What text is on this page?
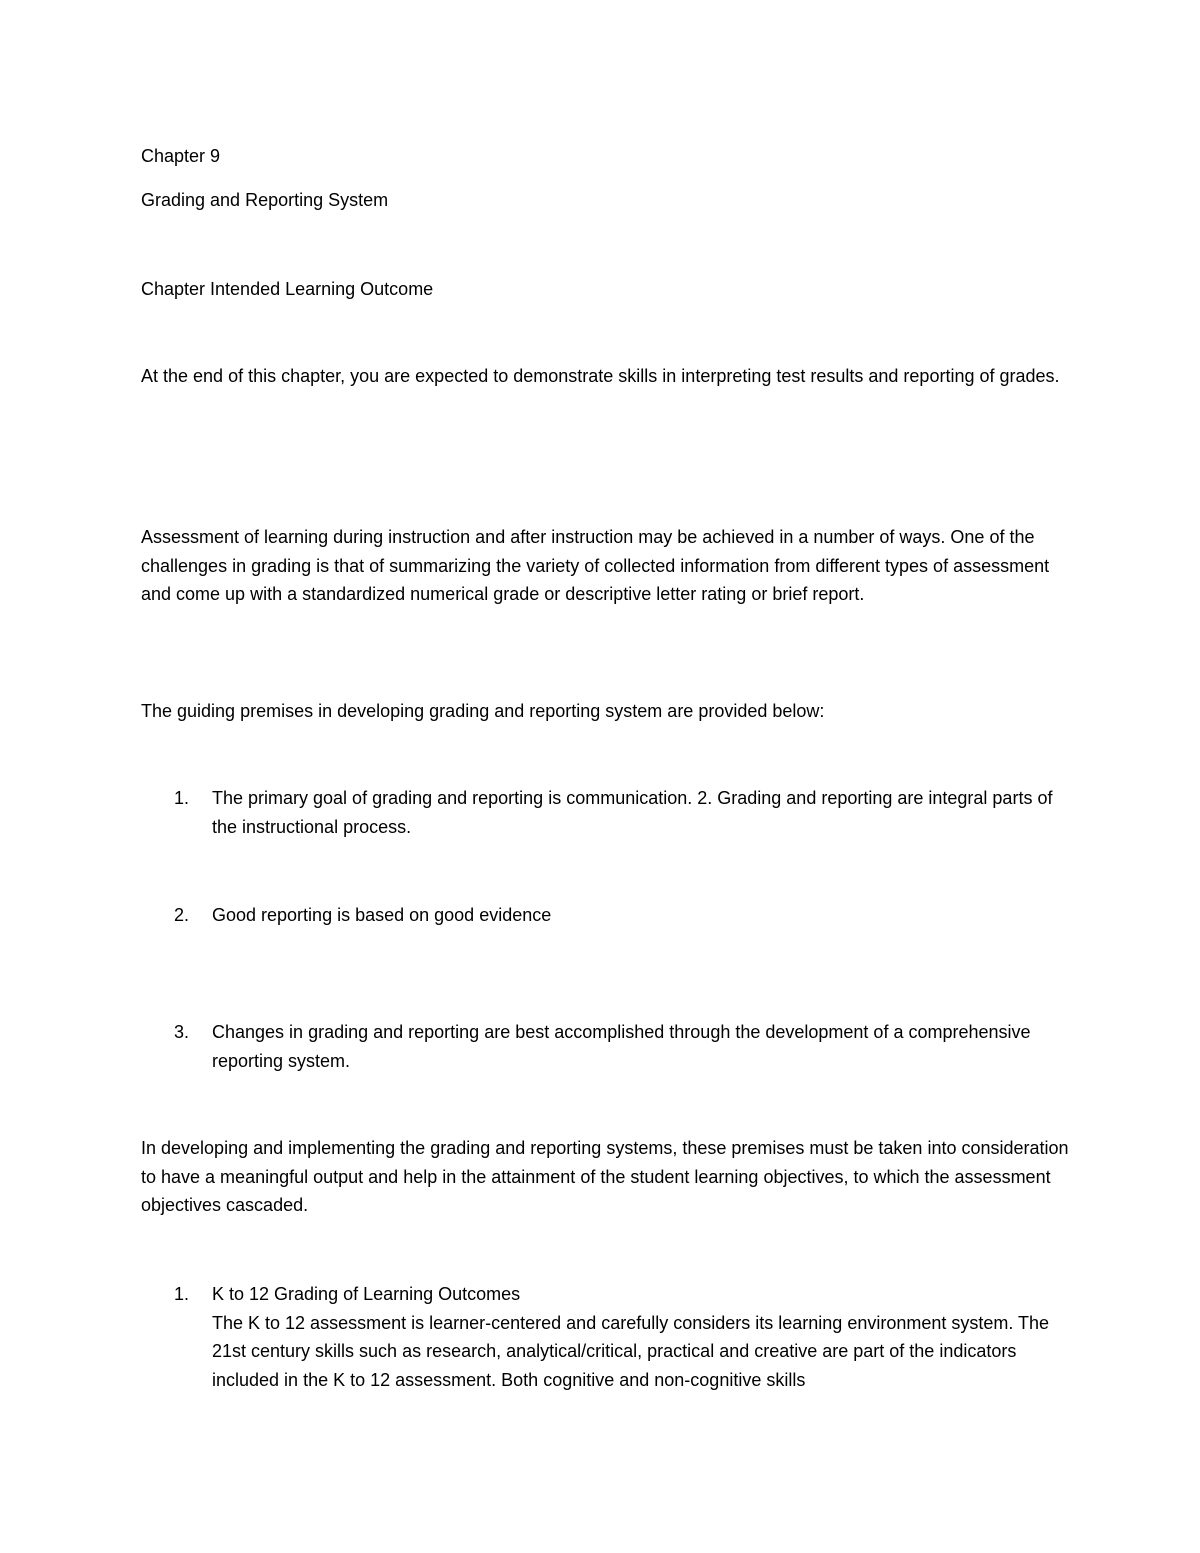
Chapter 9
Grading and Reporting System
Chapter Intended Learning Outcome
At the end of this chapter, you are expected to demonstrate skills in interpreting test results and reporting of grades.
Assessment of learning during instruction and after instruction may be achieved in a number of ways. One of the challenges in grading is that of summarizing the variety of collected information from different types of assessment and come up with a standardized numerical grade or descriptive letter rating or brief report.
The guiding premises in developing grading and reporting system are provided below:
1. The primary goal of grading and reporting is communication. 2. Grading and reporting are integral parts of the instructional process.
2. Good reporting is based on good evidence
3. Changes in grading and reporting are best accomplished through the development of a comprehensive reporting system.
In developing and implementing the grading and reporting systems, these premises must be taken into consideration to have a meaningful output and help in the attainment of the student learning objectives, to which the assessment objectives cascaded.
1. K to 12 Grading of Learning Outcomes
The K to 12 assessment is learner-centered and carefully considers its learning environment system. The 21st century skills such as research, analytical/critical, practical and creative are part of the indicators included in the K to 12 assessment. Both cognitive and non-cognitive skills
